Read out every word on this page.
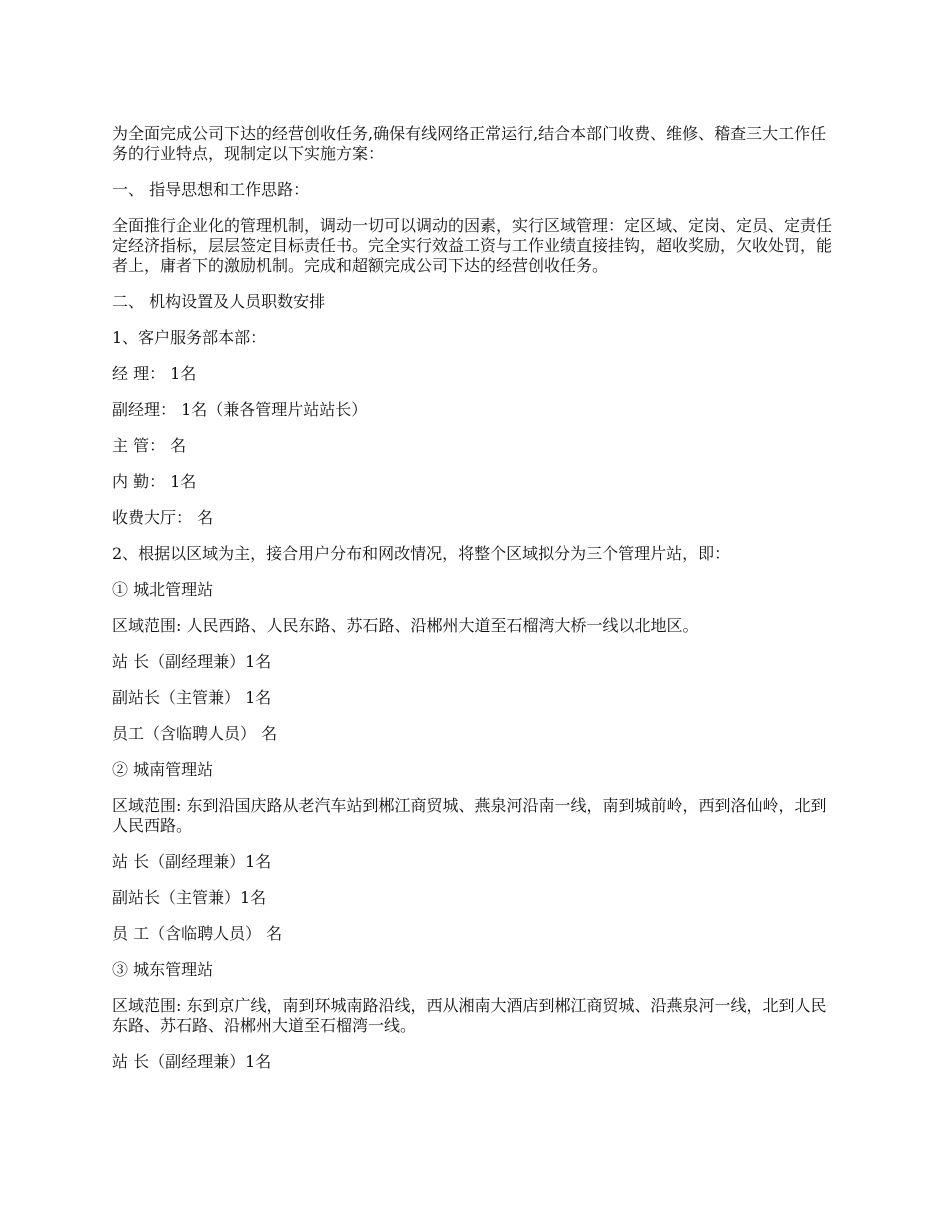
为全面完成公司下达的经营创收任务,确保有线网络正常运行,结合本部门收费、维修、稽查三大工作任务的行业特点，现制定以下实施方案：

一、 指导思想和工作思路：

全面推行企业化的管理机制，调动一切可以调动的因素，实行区域管理：定区域、定岗、定员、定责任定经济指标，层层签定目标责任书。完全实行效益工资与工作业绩直接挂钩，超收奖励，欠收处罚，能者上，庸者下的激励机制。完成和超额完成公司下达的经营创收任务。

二、 机构设置及人员职数安排

1、客户服务部本部：

经 理： 1名

副经理： 1名（兼各管理片站站长）

主 管： 名

内 勤： 1名

收费大厅： 名

2、根据以区域为主，接合用户分布和网改情况，将整个区域拟分为三个管理片站，即：

① 城北管理站

区域范围: 人民西路、人民东路、苏石路、沿郴州大道至石榴湾大桥一线以北地区。

站 长（副经理兼）1名

副站长（主管兼） 1名

员工（含临聘人员） 名

② 城南管理站

区域范围: 东到沿国庆路从老汽车站到郴江商贸城、燕泉河沿南一线，南到城前岭，西到洛仙岭，北到人民西路。

站 长（副经理兼）1名

副站长（主管兼）1名

员 工（含临聘人员） 名

③ 城东管理站

区域范围: 东到京广线，南到环城南路沿线，西从湘南大酒店到郴江商贸城、沿燕泉河一线，北到人民东路、苏石路、沿郴州大道至石榴湾一线。

站 长（副经理兼）1名
